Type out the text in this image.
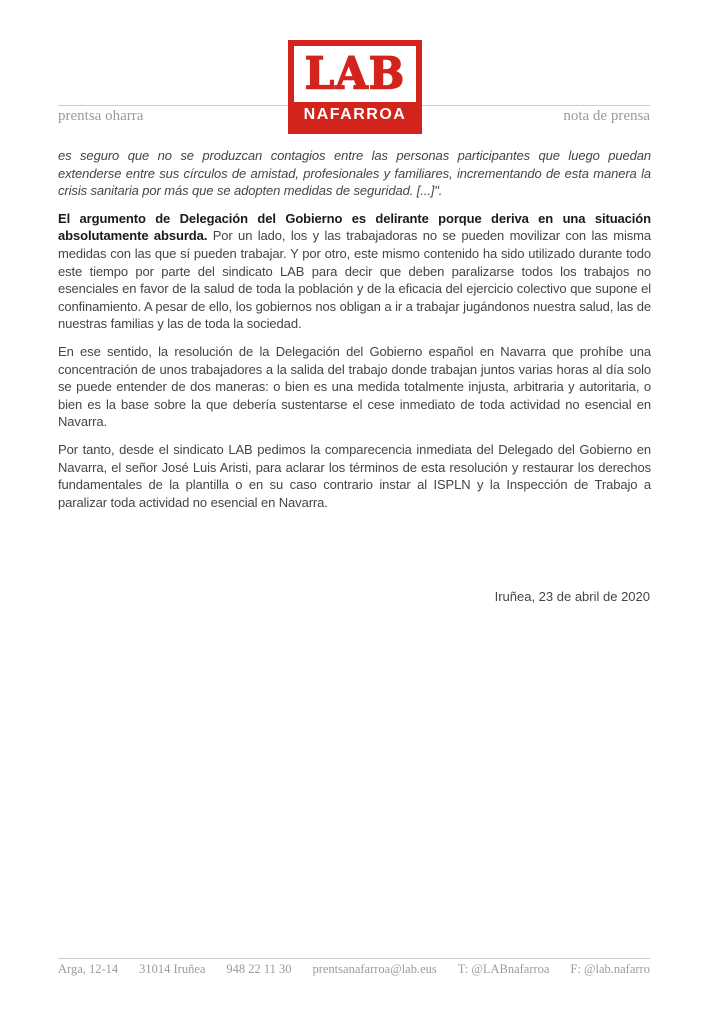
prentsa oharra	nota de prensa
LAB
NAFARROA

es seguro que no se produzcan contagios entre las personas participantes que luego puedan extenderse entre sus círculos de amistad, profesionales y familiares, incrementando de esta manera la crisis sanitaria por más que se adopten medidas de seguridad. [...]".

El argumento de Delegación del Gobierno es delirante porque deriva en una situación absolutamente absurda. Por un lado, los y las trabajadoras no se pueden movilizar con las misma medidas con las que sí pueden trabajar. Y por otro, este mismo contenido ha sido utilizado durante todo este tiempo por parte del sindicato LAB para decir que deben paralizarse todos los trabajos no esenciales en favor de la salud de toda la población y de la eficacia del ejercicio colectivo que supone el confinamiento. A pesar de ello, los gobiernos nos obligan a ir a trabajar jugándonos nuestra salud, las de nuestras familias y las de toda la sociedad.

En ese sentido, la resolución de la Delegación del Gobierno español en Navarra que prohíbe una concentración de unos trabajadores a la salida del trabajo donde trabajan juntos varias horas al día solo se puede entender de dos maneras: o bien es una medida totalmente injusta, arbitraria y autoritaria, o bien es la base sobre la que debería sustentarse el cese inmediato de toda actividad no esencial en Navarra.

Por tanto, desde el sindicato LAB pedimos la comparecencia inmediata del Delegado del Gobierno en Navarra, el señor José Luis Aristi, para aclarar los términos de esta resolución y restaurar los derechos fundamentales de la plantilla o en su caso contrario instar al ISPLN y la Inspección de Trabajo a paralizar toda actividad no esencial en Navarra.

Iruñea, 23 de abril de 2020
Arga, 12-14 31014 Iruñea 948 22 11 30 prentsanafarroa@lab.eus T: @LABnafarroa F: @lab.nafarro
